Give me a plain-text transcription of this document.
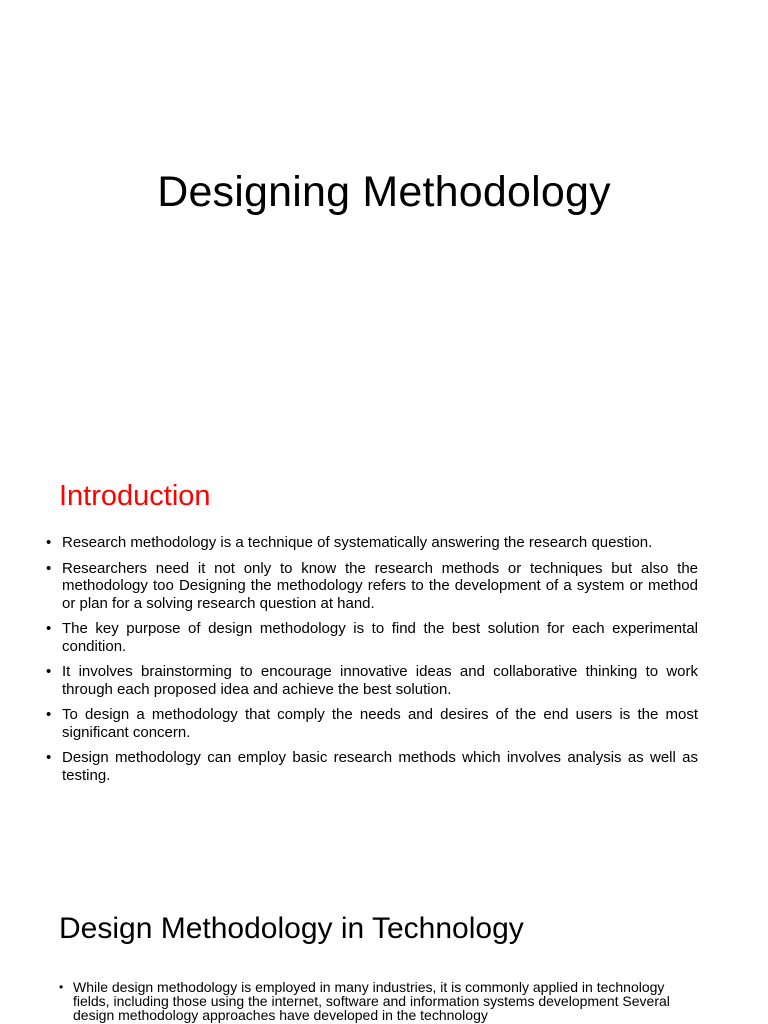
Designing Methodology
Introduction
• Research methodology is a technique of systematically answering the research question.
• Researchers need it not only to know the research methods or techniques but also the methodology too Designing the methodology refers to the development of a system or method or plan for a solving research question at hand.
• The key purpose of design methodology is to find the best solution for each experimental condition.
• It involves brainstorming to encourage innovative ideas and collaborative thinking to work through each proposed idea and achieve the best solution.
• To design a methodology that comply the needs and desires of the end users is the most significant concern.
• Design methodology can employ basic research methods which involves analysis as well as testing.
Design Methodology in Technology
• While design methodology is employed in many industries, it is commonly applied in technology fields, including those using the internet, software and information systems development Several design methodology approaches have developed in the technology
